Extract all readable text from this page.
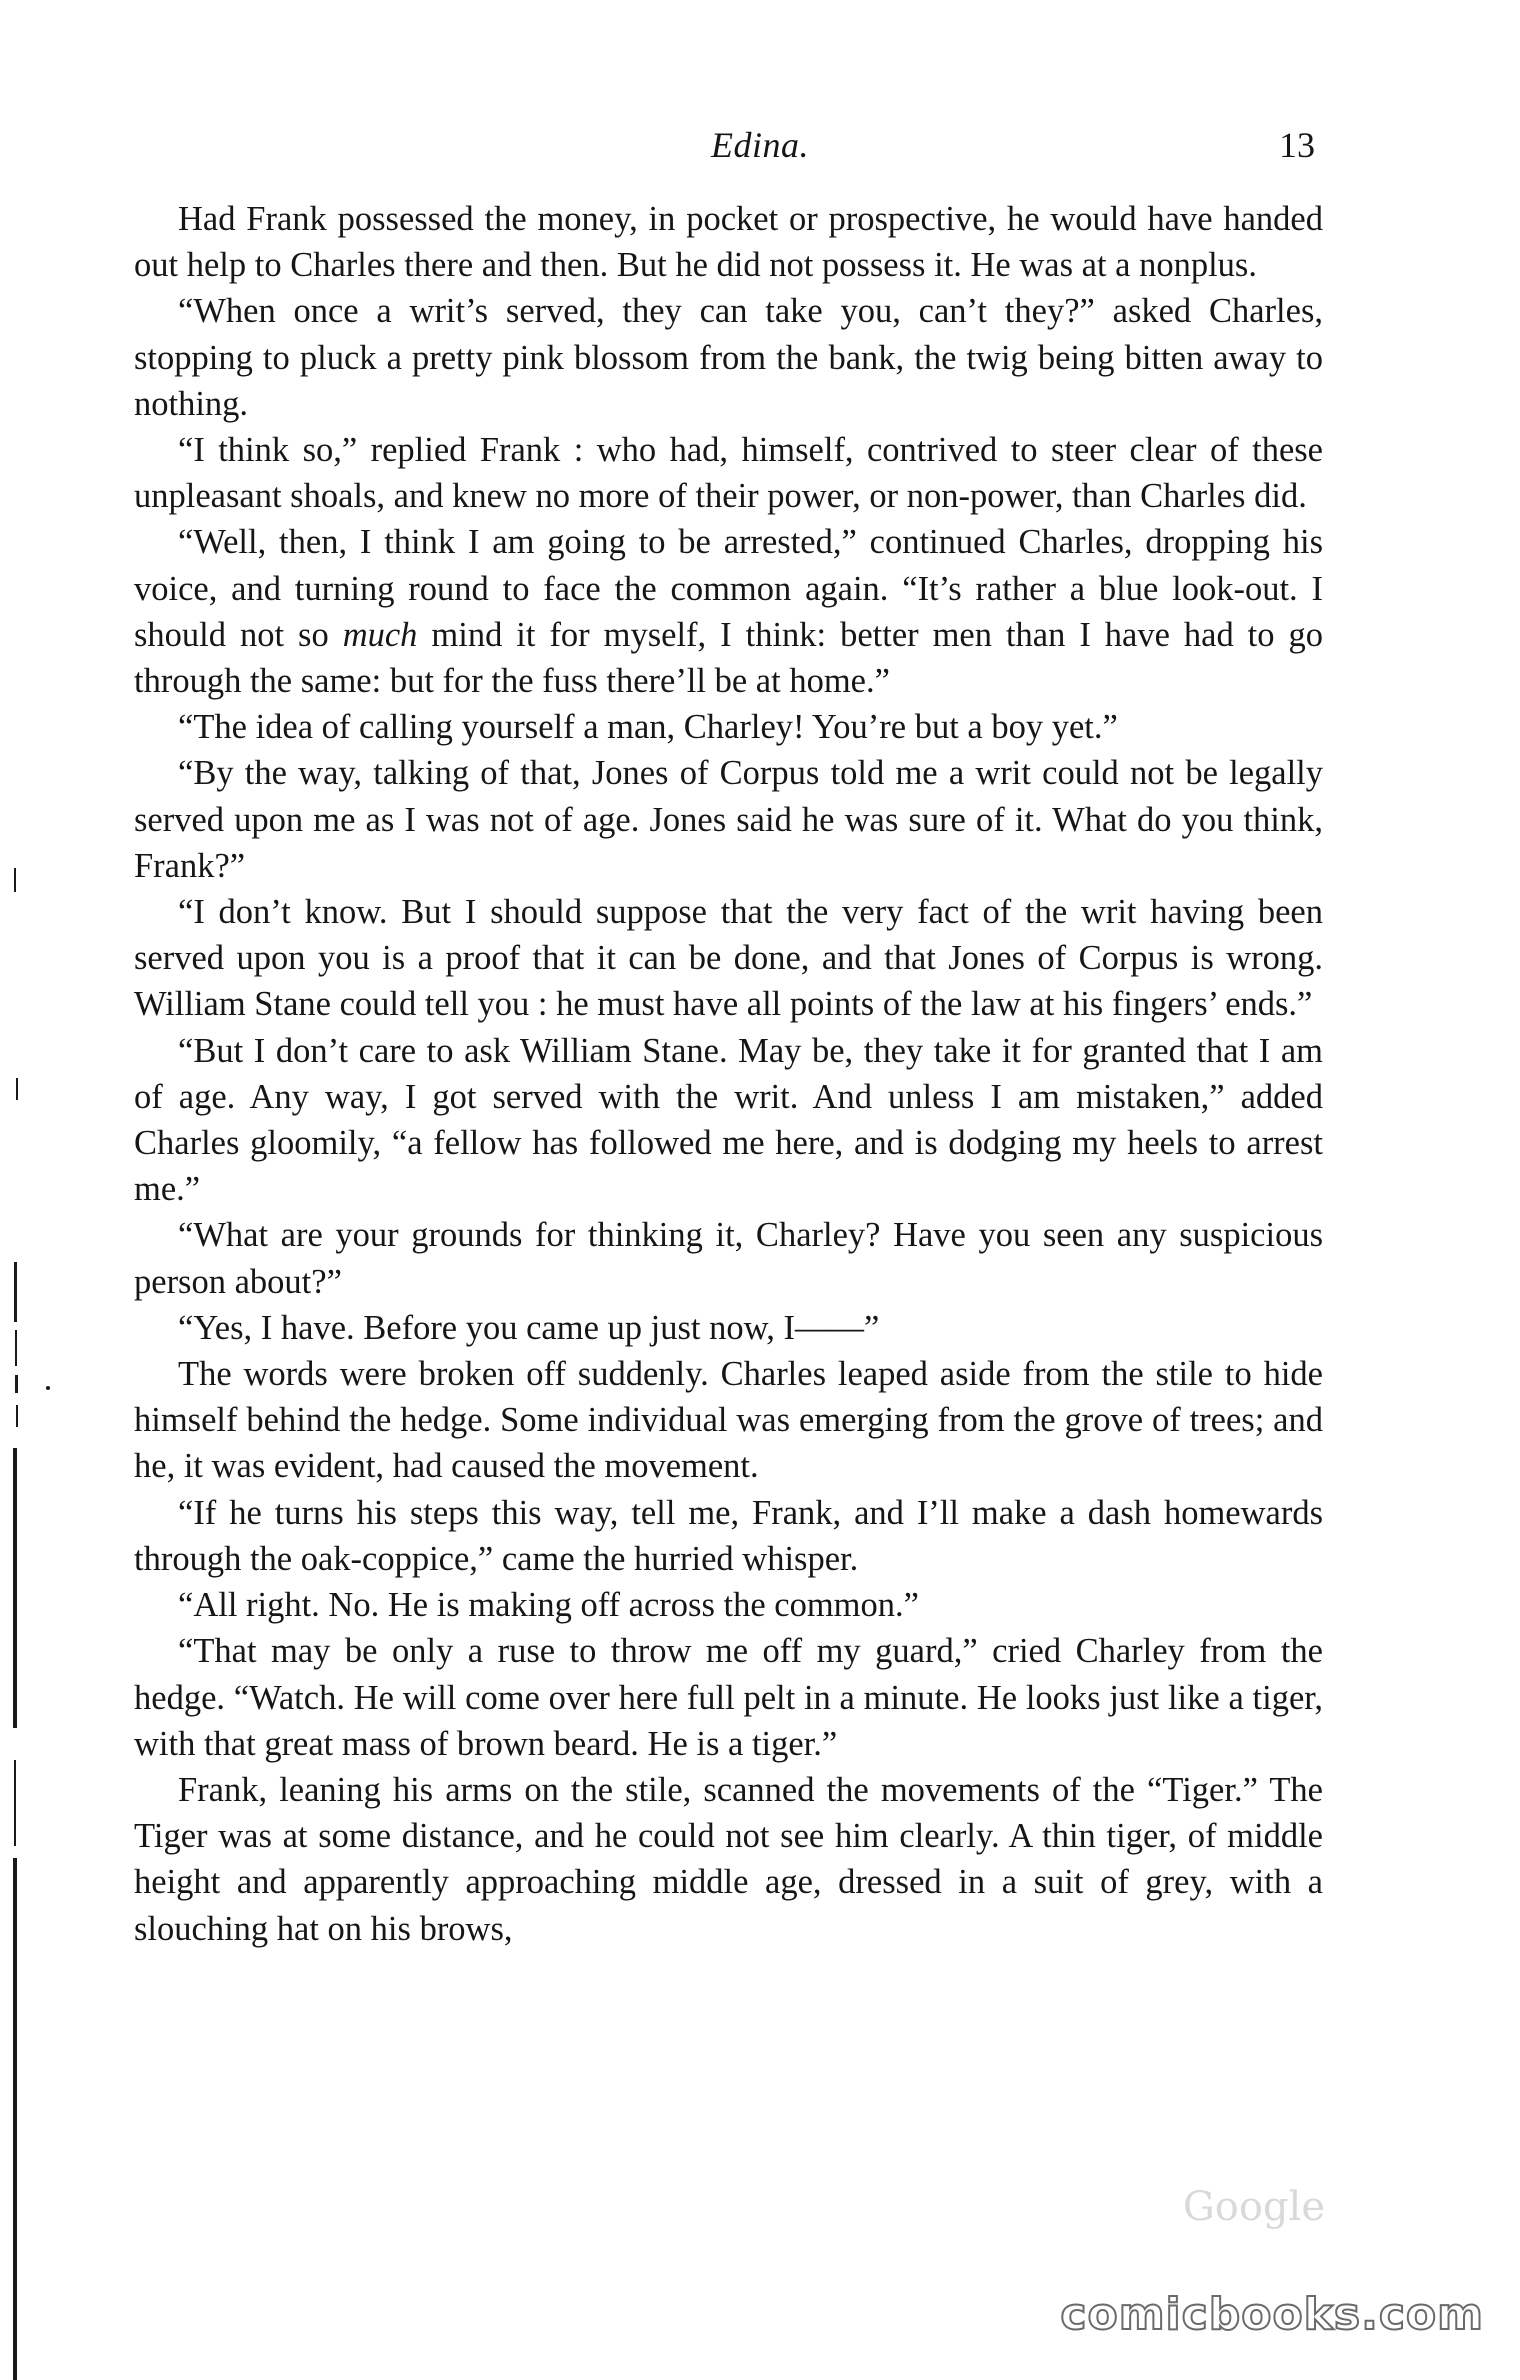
Edina.	13

Had Frank possessed the money, in pocket or prospective, he would have handed out help to Charles there and then. But he did not possess it. He was at a nonplus.

“When once a writ’s served, they can take you, can’t they?” asked Charles, stopping to pluck a pretty pink blossom from the bank, the twig being bitten away to nothing.

“I think so,” replied Frank : who had, himself, contrived to steer clear of these unpleasant shoals, and knew no more of their power, or non-power, than Charles did.

“Well, then, I think I am going to be arrested,” continued Charles, dropping his voice, and turning round to face the common again. “It’s rather a blue look-out. I should not so much mind it for myself, I think: better men than I have had to go through the same: but for the fuss there’ll be at home.”

“The idea of calling yourself a man, Charley! You’re but a boy yet.”

“By the way, talking of that, Jones of Corpus told me a writ could not be legally served upon me as I was not of age. Jones said he was sure of it. What do you think, Frank?”

“I don’t know. But I should suppose that the very fact of the writ having been served upon you is a proof that it can be done, and that Jones of Corpus is wrong. William Stane could tell you : he must have all points of the law at his fingers’ ends.”

“But I don’t care to ask William Stane. May be, they take it for granted that I am of age. Any way, I got served with the writ. And unless I am mistaken,” added Charles gloomily, “a fellow has followed me here, and is dodging my heels to arrest me.”

“What are your grounds for thinking it, Charley? Have you seen any suspicious person about?”

“Yes, I have. Before you came up just now, I——”

The words were broken off suddenly. Charles leaped aside from the stile to hide himself behind the hedge. Some individual was emerging from the grove of trees; and he, it was evident, had caused the movement.

“If he turns his steps this way, tell me, Frank, and I’ll make a dash homewards through the oak-coppice,” came the hurried whisper.

“All right. No. He is making off across the common.”

“That may be only a ruse to throw me off my guard,” cried Charley from the hedge. “Watch. He will come over here full pelt in a minute. He looks just like a tiger, with that great mass of brown beard. He is a tiger.”

Frank, leaning his arms on the stile, scanned the movements of the “Tiger.” The Tiger was at some distance, and he could not see him clearly. A thin tiger, of middle height and apparently approaching middle age, dressed in a suit of grey, with a slouching hat on his brows,

Google
comicbooks.com
